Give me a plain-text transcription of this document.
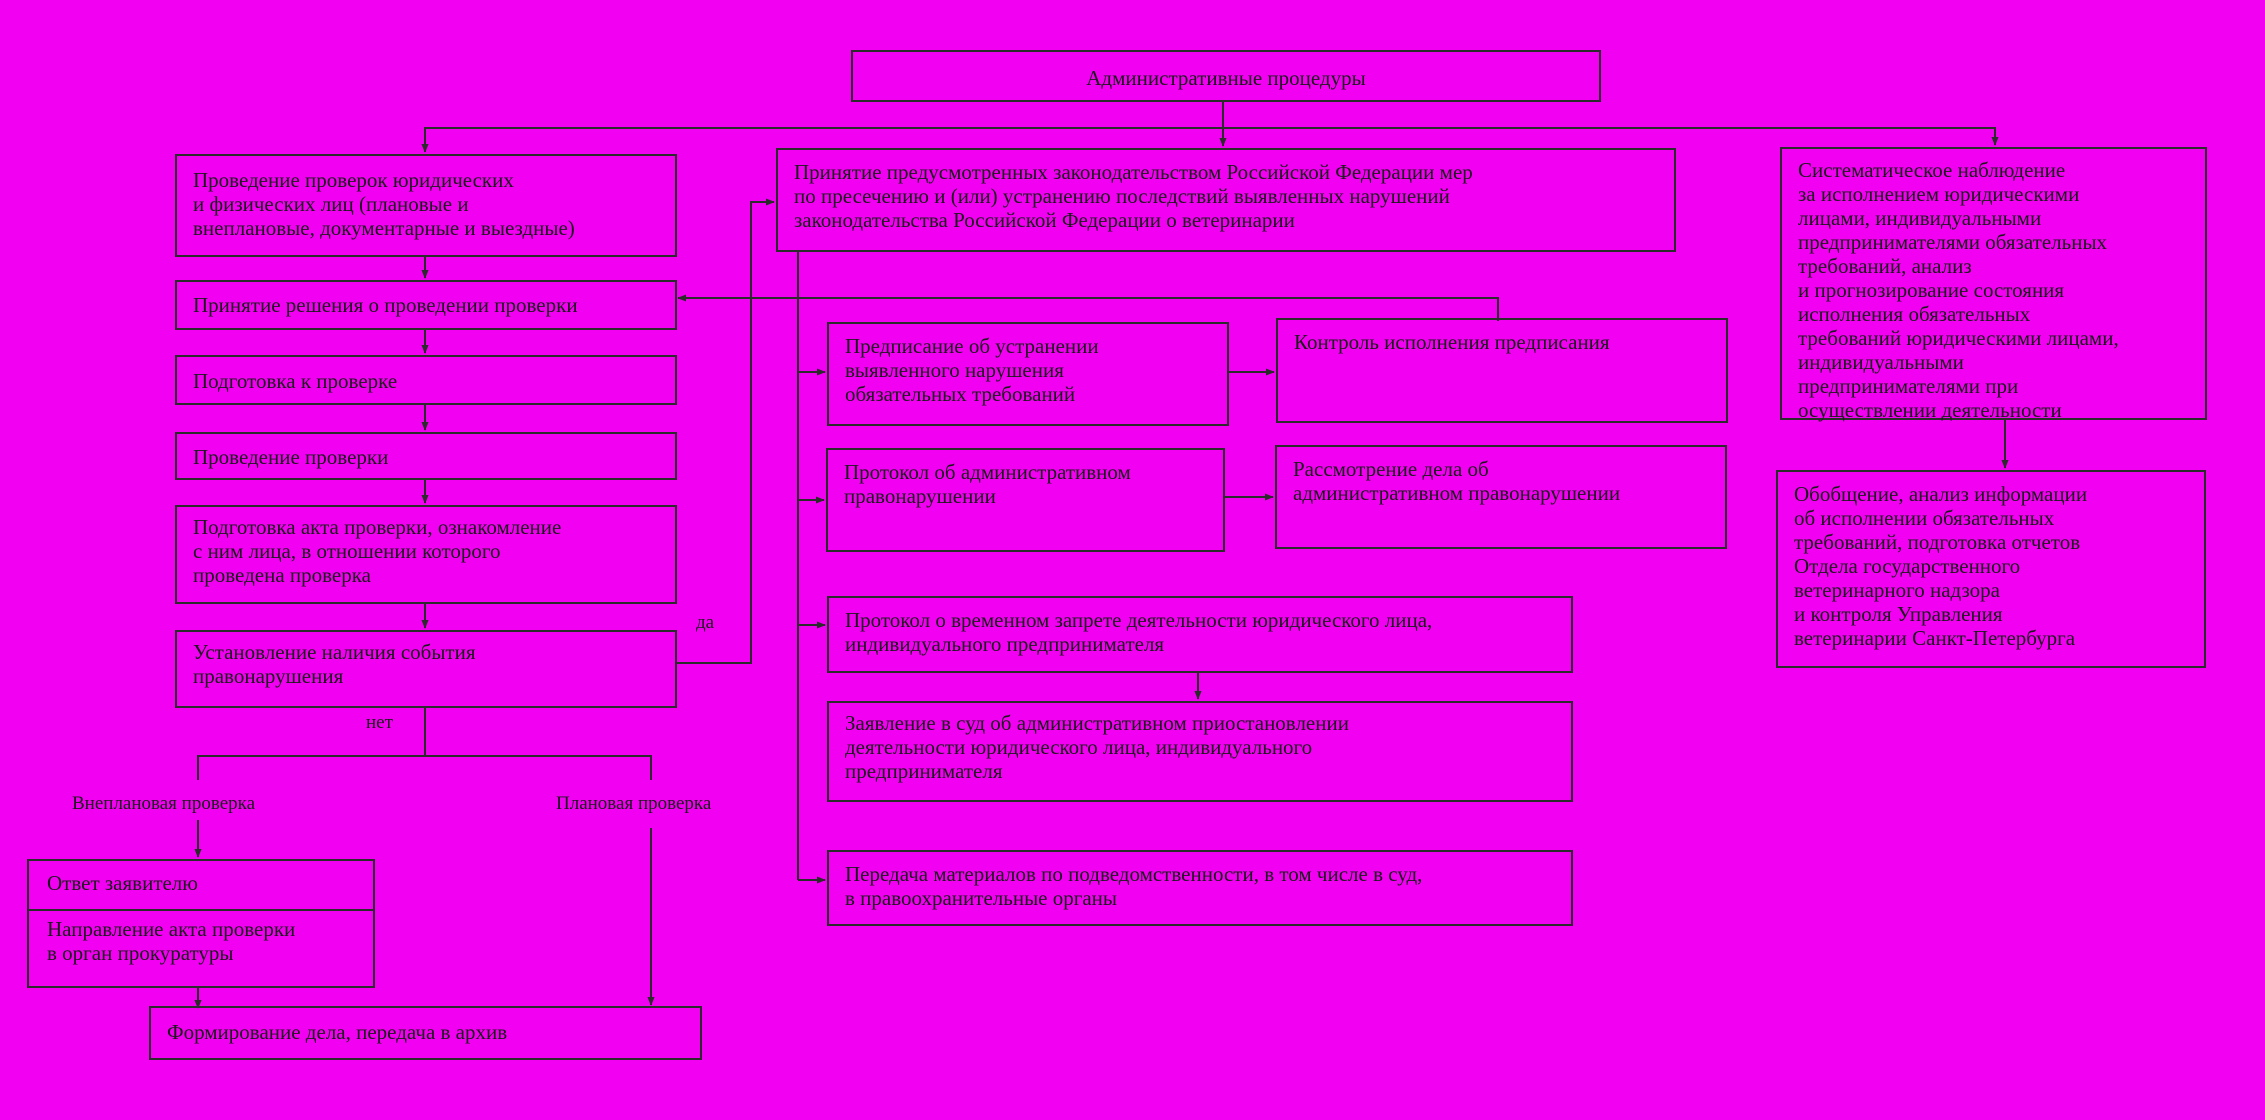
Административные процедуры
Проведение проверок юридических
и физических лиц (плановые и
внеплановые, документарные и выездные)
Принятие решения о проведении проверки
Подготовка к проверке
Проведение проверки
Подготовка акта проверки, ознакомление
с ним лица, в отношении которого
проведена проверка
Установление наличия события
правонарушения
да
нет
Внеплановая проверка	Плановая проверка

Ответ заявителю

Направление акта проверки
в орган прокуратуры

Формирование дела, передача в архив
Принятие предусмотренных законодательством Российской Федерации мер
по пресечению и (или) устранению последствий выявленных нарушений
законодательства Российской Федерации о ветеринарии
Предписание об устранении
выявленного нарушения
обязательных требований
Контроль исполнения предписания
Протокол об административном
правонарушении
Рассмотрение дела об
административном правонарушении
Протокол о временном запрете деятельности юридического лица,
индивидуального предпринимателя
Заявление в суд об административном приостановлении
деятельности юридического лица, индивидуального
предпринимателя
Передача материалов по подведомственности, в том числе в суд,
в правоохранительные органы
Систематическое наблюдение
за исполнением юридическими
лицами, индивидуальными
предпринимателями обязательных
требований, анализ
и прогнозирование состояния
исполнения обязательных
требований юридическими лицами,
индивидуальными
предпринимателями при
осуществлении деятельности
Обобщение, анализ информации
об исполнении обязательных
требований, подготовка отчетов
Отдела государственного
ветеринарного надзора
и контроля Управления
ветеринарии Санкт-Петербурга
